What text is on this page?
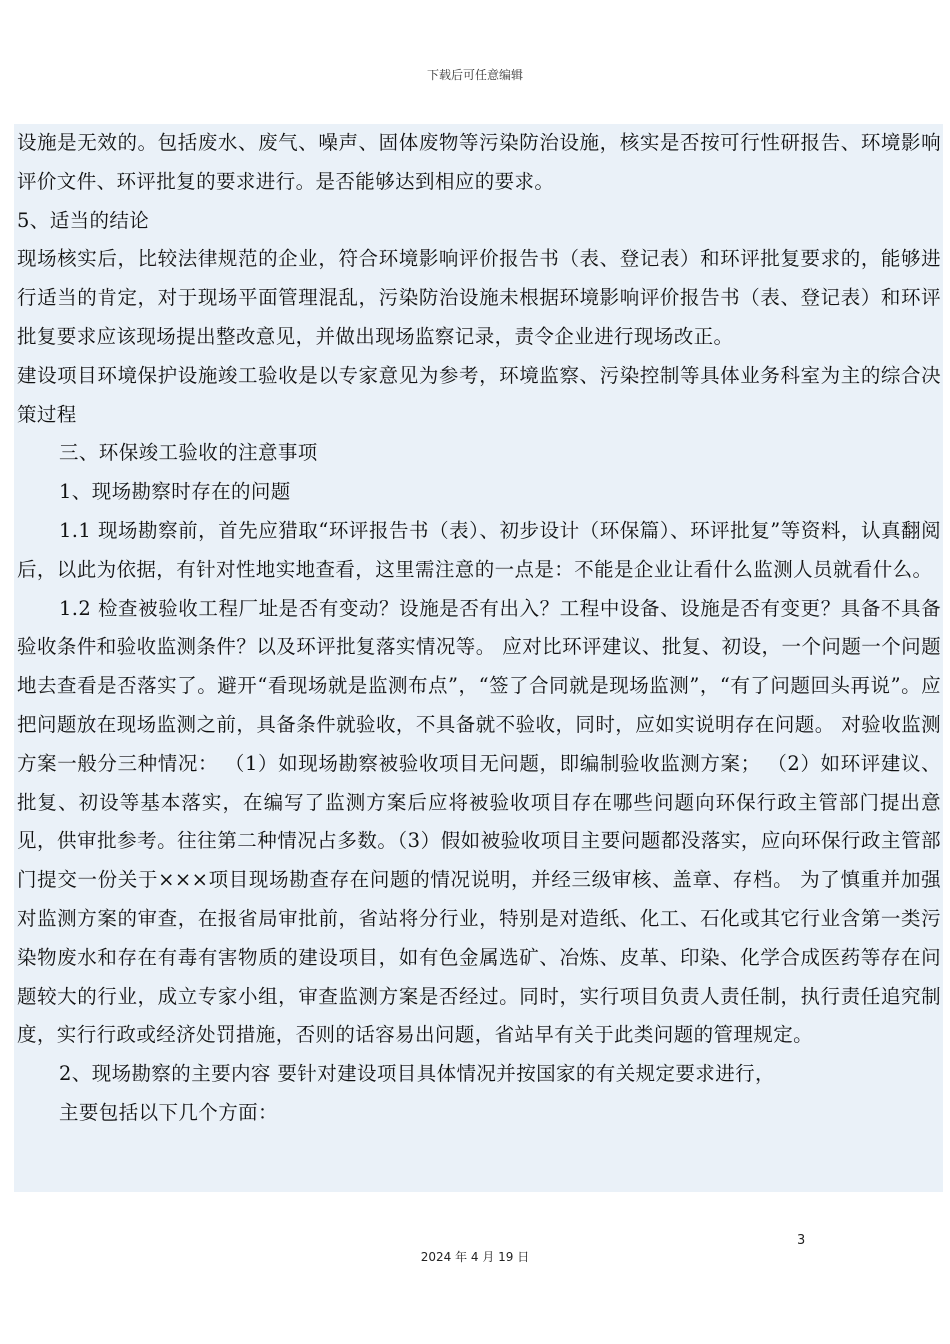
下载后可任意编辑

设施是无效的。包括废水、废气、噪声、固体废物等污染防治设施，核实是否按可行性研报告、环境影响评价文件、环评批复的要求进行。是否能够达到相应的要求。

5、适当的结论

现场核实后，比较法律规范的企业，符合环境影响评价报告书（表、登记表）和环评批复要求的，能够进行适当的肯定，对于现场平面管理混乱，污染防治设施未根据环境影响评价报告书（表、登记表）和环评批复要求应该现场提出整改意见，并做出现场监察记录，责令企业进行现场改正。

建设项目环境保护设施竣工验收是以专家意见为参考，环境监察、污染控制等具体业务科室为主的综合决策过程

三、环保竣工验收的注意事项

1、现场勘察时存在的问题

1.1 现场勘察前，首先应猎取“环评报告书（表）、初步设计（环保篇）、环评批复”等资料，认真翻阅后，以此为依据，有针对性地实地查看，这里需注意的一点是：不能是企业让看什么监测人员就看什么。

1.2 检查被验收工程厂址是否有变动？设施是否有出入？工程中设备、设施是否有变更？具备不具备验收条件和验收监测条件？以及环评批复落实情况等。 应对比环评建议、批复、初设，一个问题一个问题地去查看是否落实了。避开“看现场就是监测布点”，“签了合同就是现场监测”，“有了问题回头再说”。应把问题放在现场监测之前，具备条件就验收，不具备就不验收，同时，应如实说明存在问题。 对验收监测方案一般分三种情况： （1）如现场勘察被验收项目无问题，即编制验收监测方案； （2）如环评建议、批复、初设等基本落实，在编写了监测方案后应将被验收项目存在哪些问题向环保行政主管部门提出意见，供审批参考。往往第二种情况占多数。（3）假如被验收项目主要问题都没落实，应向环保行政主管部门提交一份关于×××项目现场勘查存在问题的情况说明，并经三级审核、盖章、存档。 为了慎重并加强对监测方案的审查，在报省局审批前，省站将分行业，特别是对造纸、化工、石化或其它行业含第一类污染物废水和存在有毒有害物质的建设项目，如有色金属选矿、冶炼、皮革、印染、化学合成医药等存在问题较大的行业，成立专家小组，审查监测方案是否经过。同时，实行项目负责人责任制，执行责任追究制度，实行行政或经济处罚措施，否则的话容易出问题，省站早有关于此类问题的管理规定。

2、现场勘察的主要内容 要针对建设项目具体情况并按国家的有关规定要求进行，

主要包括以下几个方面：

3
2024 年 4 月 19 日
